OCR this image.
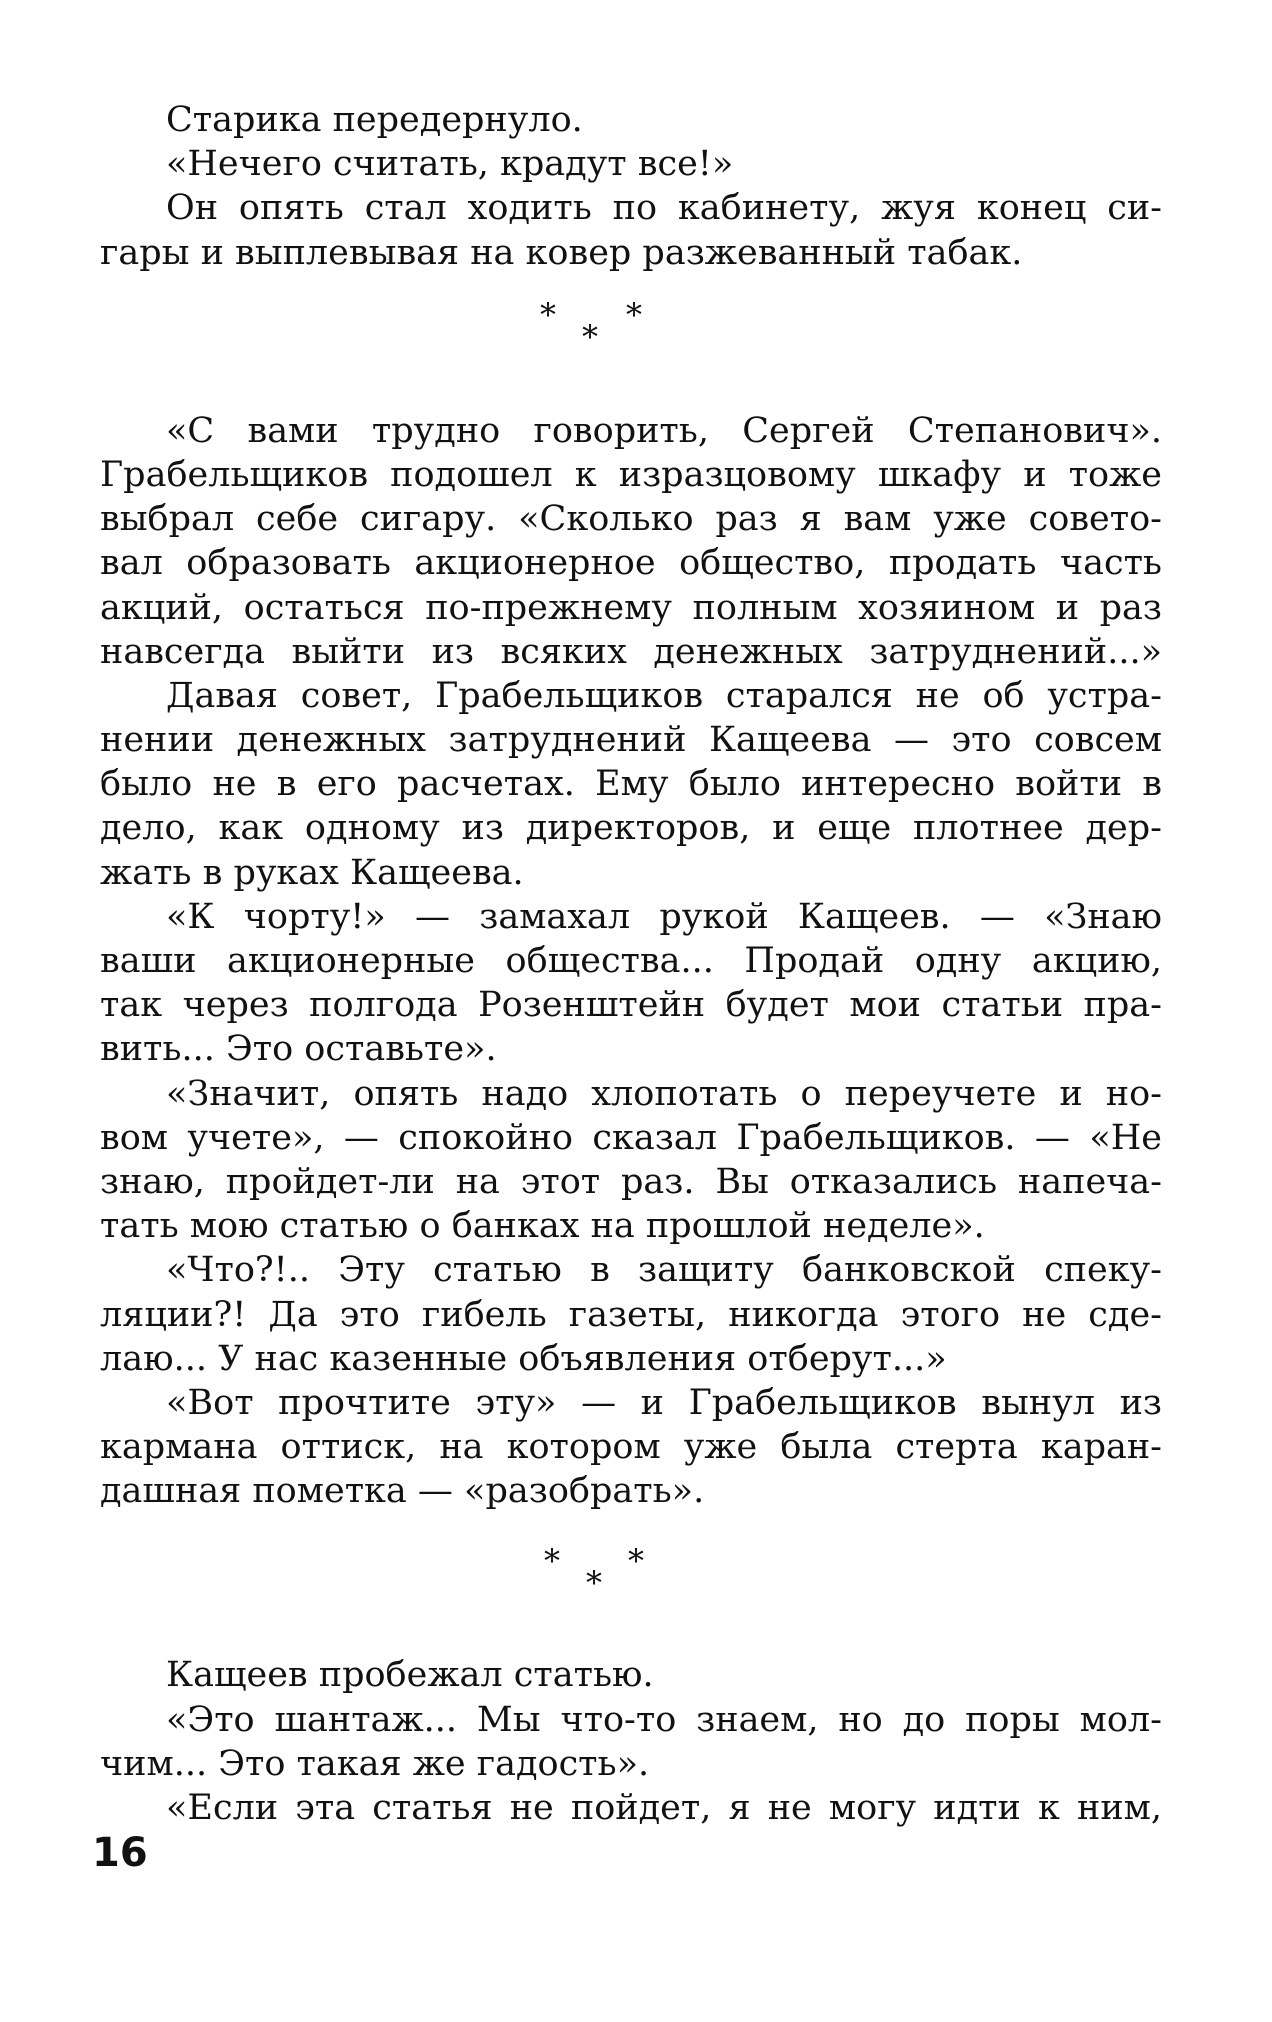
Старика передернуло.
«Нечего считать, крадут все!»
Он опять стал ходить по кабинету, жуя конец си-
гары и выплевывая на ковер разжеванный табак.
*
*
*
«С вами трудно говорить, Сергей Степанович».
Грабельщиков подошел к изразцовому шкафу и тоже
выбрал себе сигару. «Сколько раз я вам уже совето-
вал образовать акционерное общество, продать часть
акций, остаться по-прежнему полным хозяином и раз
навсегда выйти из всяких денежных затруднений...»
Давая совет, Грабельщиков старался не об устра-
нении денежных затруднений Кащеева — это совсем
было не в его расчетах. Ему было интересно войти в
дело, как одному из директоров, и еще плотнее дер-
жать в руках Кащеева.
«К чорту!» — замахал рукой Кащеев. — «Знаю
ваши акционерные общества... Продай одну акцию,
так через полгода Розенштейн будет мои статьи пра-
вить... Это оставьте».
«Значит, опять надо хлопотать о переучете и но-
вом учете», — спокойно сказал Грабельщиков. — «Не
знаю, пройдет-ли на этот раз. Вы отказались напеча-
тать мою статью о банках на прошлой неделе».
«Что?!.. Эту статью в защиту банковской спеку-
ляции?! Да это гибель газеты, никогда этого не сде-
лаю... У нас казенные объявления отберут...»
«Вот прочтите эту» — и Грабельщиков вынул из
кармана оттиск, на котором уже была стерта каран-
дашная пометка — «разобрать».
*
*
*
Кащеев пробежал статью.
«Это шантаж... Мы что-то знаем, но до поры мол-
чим... Это такая же гадость».
«Если эта статья не пойдет, я не могу идти к ним,
16
